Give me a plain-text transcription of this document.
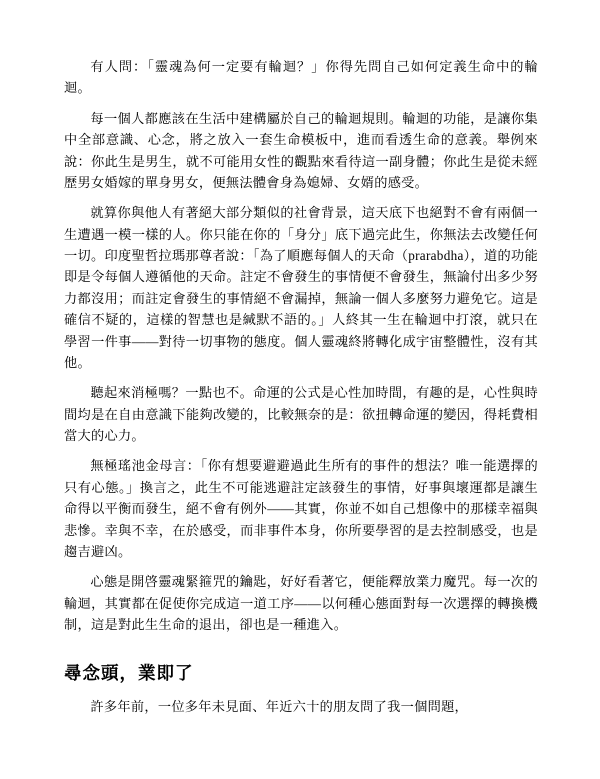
有人問：「靈魂為何一定要有輪迴？」你得先問自己如何定義生命中的輪迴。

每一個人都應該在生活中建構屬於自己的輪迴規則。輪迴的功能，是讓你集中全部意識、心念，將之放入一套生命模板中，進而看透生命的意義。舉例來說：你此生是男生，就不可能用女性的觀點來看待這一副身體；你此生是從未經歷男女婚嫁的單身男女，便無法體會身為媳婦、女婿的感受。

就算你與他人有著絕大部分類似的社會背景，這天底下也絕對不會有兩個一生遭遇一模一樣的人。你只能在你的「身分」底下過完此生，你無法去改變任何一切。印度聖哲拉瑪那尊者說：「為了順應每個人的天命（prarabdha），道的功能即是令每個人遵循他的天命。註定不會發生的事情便不會發生，無論付出多少努力都沒用；而註定會發生的事情絕不會漏掉，無論一個人多麼努力避免它。這是確信不疑的，這樣的智慧也是緘默不語的。」人終其一生在輪迴中打滾，就只在學習一件事——對待一切事物的態度。個人靈魂終將轉化成宇宙整體性，沒有其他。

聽起來消極嗎？一點也不。命運的公式是心性加時間，有趣的是，心性與時間均是在自由意識下能夠改變的，比較無奈的是：欲扭轉命運的變因，得耗費相當大的心力。

無極瑤池金母言：「你有想要避避過此生所有的事件的想法？唯一能選擇的只有心態。」換言之，此生不可能逃避註定該發生的事情，好事與壞運都是讓生命得以平衡而發生，絕不會有例外——其實，你並不如自己想像中的那樣幸福與悲慘。幸與不幸，在於感受，而非事件本身，你所要學習的是去控制感受，也是趨吉避凶。

心態是開啓靈魂緊箍咒的鑰匙，好好看著它，便能釋放業力魔咒。每一次的輪迴，其實都在促使你完成這一道工序——以何種心態面對每一次選擇的轉換機制，這是對此生生命的退出，卻也是一種進入。

尋念頭，業即了

許多年前，一位多年未見面、年近六十的朋友問了我一個問題，
